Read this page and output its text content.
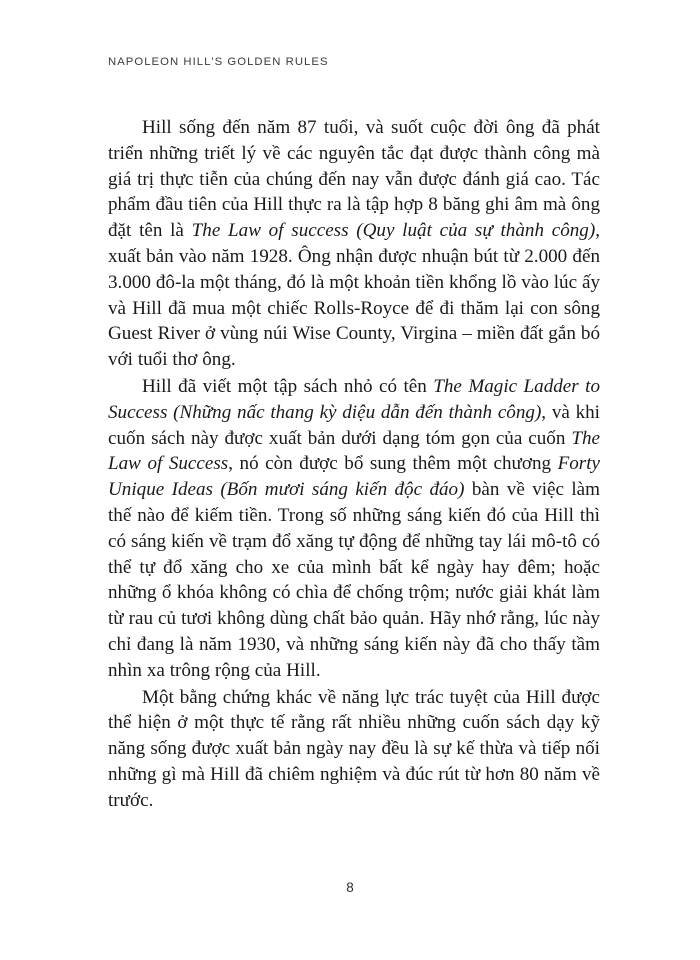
NAPOLEON HILL'S GOLDEN RULES

Hill sống đến năm 87 tuổi, và suốt cuộc đời ông đã phát triển những triết lý về các nguyên tắc đạt được thành công mà giá trị thực tiễn của chúng đến nay vẫn được đánh giá cao. Tác phẩm đầu tiên của Hill thực ra là tập hợp 8 băng ghi âm mà ông đặt tên là The Law of success (Quy luật của sự thành công), xuất bản vào năm 1928. Ông nhận được nhuận bút từ 2.000 đến 3.000 đô-la một tháng, đó là một khoản tiền khổng lồ vào lúc ấy và Hill đã mua một chiếc Rolls-Royce để đi thăm lại con sông Guest River ở vùng núi Wise County, Virgina – miền đất gắn bó với tuổi thơ ông.

Hill đã viết một tập sách nhỏ có tên The Magic Ladder to Success (Những nấc thang kỳ diệu dẫn đến thành công), và khi cuốn sách này được xuất bản dưới dạng tóm gọn của cuốn The Law of Success, nó còn được bổ sung thêm một chương Forty Unique Ideas (Bốn mươi sáng kiến độc đáo) bàn về việc làm thế nào để kiếm tiền. Trong số những sáng kiến đó của Hill thì có sáng kiến về trạm đổ xăng tự động để những tay lái mô-tô có thể tự đổ xăng cho xe của mình bất kể ngày hay đêm; hoặc những ổ khóa không có chìa để chống trộm; nước giải khát làm từ rau củ tươi không dùng chất bảo quản. Hãy nhớ rằng, lúc này chỉ đang là năm 1930, và những sáng kiến này đã cho thấy tầm nhìn xa trông rộng của Hill.

Một bằng chứng khác về năng lực trác tuyệt của Hill được thể hiện ở một thực tế rằng rất nhiều những cuốn sách dạy kỹ năng sống được xuất bản ngày nay đều là sự kế thừa và tiếp nối những gì mà Hill đã chiêm nghiệm và đúc rút từ hơn 80 năm về trước.

8
